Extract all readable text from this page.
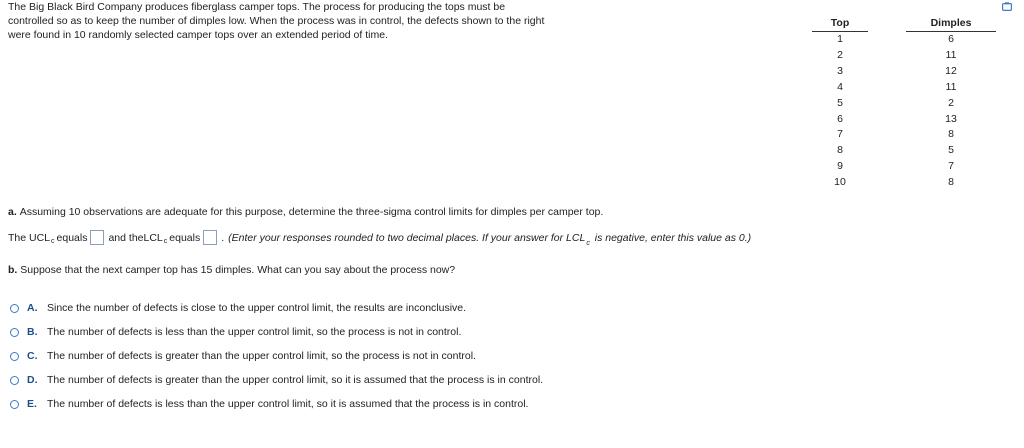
The Big Black Bird Company produces fiberglass camper tops. The process for producing the tops must be
controlled so as to keep the number of dimples low. When the process was in control, the defects shown to the right
were found in 10 randomly selected camper tops over an extended period of time.
Top		Dimples
1		6
2		11
3		12
4		11
5		2
6		13
7		8
8		5
9		7
10		8
a. Assuming 10 observations are adequate for this purpose, determine the three-sigma control limits for dimples per camper top.
The UCL c equals and theLCL c equals . (Enter your responses rounded to two decimal places. If your answer for $LCL_c$ is negative, enter this value as 0.)
b. Suppose that the next camper top has 15 dimples. What can you say about the process now?
A. Since the number of defects is close to the upper control limit, the results are inconclusive.
B. The number of defects is less than the upper control limit, so the process is not in control.
C. The number of defects is greater than the upper control limit, so the process is not in control.
D. The number of defects is greater than the upper control limit, so it is assumed that the process is in control.
E. The number of defects is less than the upper control limit, so it is assumed that the process is in control.
